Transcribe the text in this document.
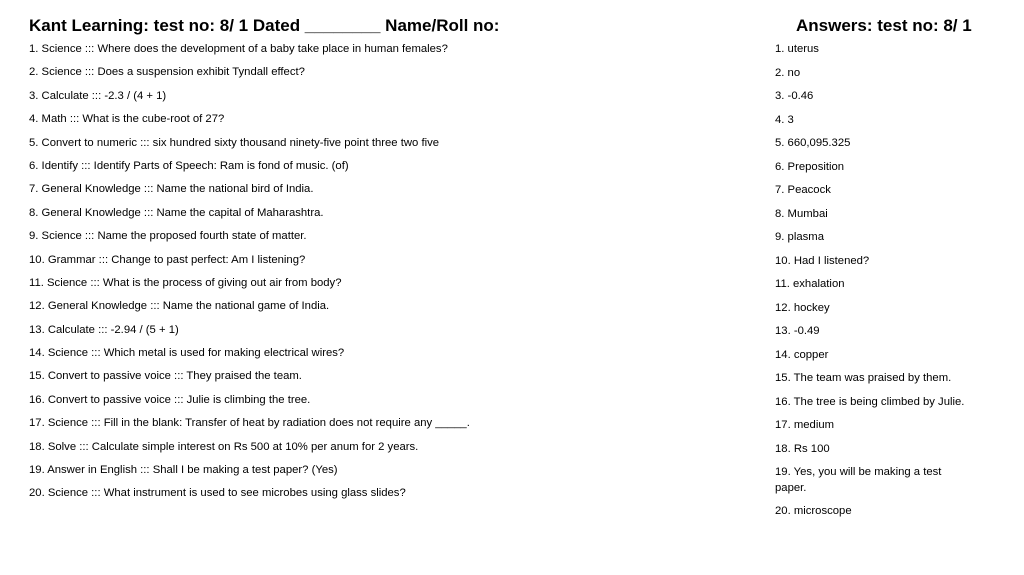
Kant Learning: test no: 8/ 1 Dated ________ Name/Roll no:	Answers: test no: 8/ 1
1. Science ::: Where does the development of a baby take place in human females?
2. Science ::: Does a suspension exhibit Tyndall effect?
3. Calculate ::: -2.3 / (4 + 1)
4. Math ::: What is the cube-root of 27?
5. Convert to numeric ::: six hundred sixty thousand ninety-five point three two five
6. Identify ::: Identify Parts of Speech: Ram is fond of music. (of)
7. General Knowledge ::: Name the national bird of India.
8. General Knowledge ::: Name the capital of Maharashtra.
9. Science ::: Name the proposed fourth state of matter.
10. Grammar ::: Change to past perfect: Am I listening?
11. Science ::: What is the process of giving out air from body?
12. General Knowledge ::: Name the national game of India.
13. Calculate ::: -2.94 / (5 + 1)
14. Science ::: Which metal is used for making electrical wires?
15. Convert to passive voice ::: They praised the team.
16. Convert to passive voice ::: Julie is climbing the tree.
17. Science ::: Fill in the blank: Transfer of heat by radiation does not require any _____.
18. Solve ::: Calculate simple interest on Rs 500 at 10% per anum for 2 years.
19. Answer in English ::: Shall I be making a test paper? (Yes)
20. Science ::: What instrument is used to see microbes using glass slides?
1. uterus
2. no
3. -0.46
4. 3
5. 660,095.325
6. Preposition
7. Peacock
8. Mumbai
9. plasma
10. Had I listened?
11. exhalation
12. hockey
13. -0.49
14. copper
15. The team was praised by them.
16. The tree is being climbed by Julie.
17. medium
18. Rs 100
19. Yes, you will be making a test paper.
20. microscope
